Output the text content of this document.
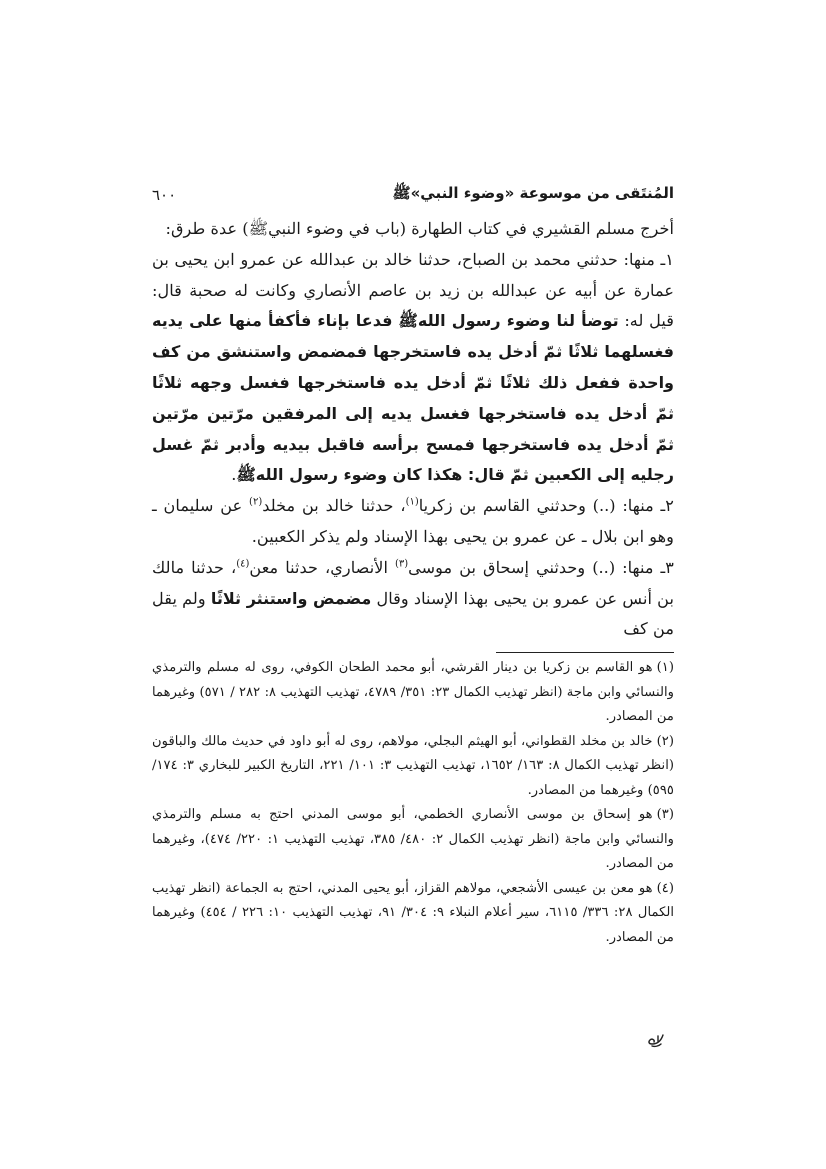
المُنتَقى من موسوعة «وضوء النبي»ﷺ
٦٠٠

أخرج مسلم القشيري في كتاب الطهارة (باب في وضوء النبيﷺ) عدة طرق:

١ـ منها: حدثني محمد بن الصباح، حدثنا خالد بن عبدالله عن عمرو ابن يحيى بن عمارة عن أبيه عن عبدالله بن زيد بن عاصم الأنصاري وكانت له صحبة قال: قيل له: توضأ لنا وضوء رسول اللهﷺ فدعا بإناء فأكفأ منها على يديه فغسلهما ثلاثًا ثمّ أدخل يده فاستخرجها فمضمض واستنشق من كف واحدة ففعل ذلك ثلاثًا ثمّ أدخل يده فاستخرجها فغسل وجهه ثلاثًا ثمّ أدخل يده فاستخرجها فغسل يديه إلى المرفقين مرّتين مرّتين ثمّ أدخل يده فاستخرجها فمسح برأسه فاقبل بيديه وأدبر ثمّ غسل رجليه إلى الكعبين ثمّ قال: هكذا كان وضوء رسول اللهﷺ.

٢ـ منها: (..) وحدثني القاسم بن زكريا$^{(١)}$، حدثنا خالد بن مخلد$^{(٢)}$ عن سليمان ـ وهو ابن بلال ـ عن عمرو بن يحيى بهذا الإسناد ولم يذكر الكعبين.

٣ـ منها: (..) وحدثني إسحاق بن موسى$^{(٣)}$ الأنصاري، حدثنا معن$^{(٤)}$، حدثنا مالك بن أنس عن عمرو بن يحيى بهذا الإسناد وقال مضمض واستنثر ثلاثًا ولم يقل من كف

(١)هو القاسم بن زكريا بن دينار القرشي، أبو محمد الطحان الكوفي، روى له مسلم والترمذي والنسائي وابن ماجة (انظر تهذيب الكمال ٢٣: ٣٥١/ ٤٧٨٩، تهذيب التهذيب ٨: ٢٨٢ / ٥٧١) وغيرهما من المصادر.

(٢)خالد بن مخلد القطواني، أبو الهيثم البجلي، مولاهم، روى له أبو داود في حديث مالك والباقون (انظر تهذيب الكمال ٨: ١٦٣/ ١٦٥٢، تهذيب التهذيب ٣: ١٠١/ ٢٢١، التاريخ الكبير للبخاري ٣: ١٧٤/ ٥٩٥) وغيرهما من المصادر.

(٣)هو إسحاق بن موسى الأنصاري الخطمي، أبو موسى المدني احتج به مسلم والترمذي والنسائي وابن ماجة (انظر تهذيب الكمال ٢: ٤٨٠/ ٣٨٥، تهذيب التهذيب ١: ٢٢٠/ ٤٧٤)، وغيرهما من المصادر.

(٤)هو معن بن عيسى الأشجعي، مولاهم القزاز، أبو يحيى المدني، احتج به الجماعة (انظر تهذيب الكمال ٢٨: ٣٣٦/ ٦١١٥، سير أعلام النبلاء ٩: ٣٠٤/ ٩١، تهذيب التهذيب ١٠: ٢٢٦ / ٤٥٤) وغيرهما من المصادر.
